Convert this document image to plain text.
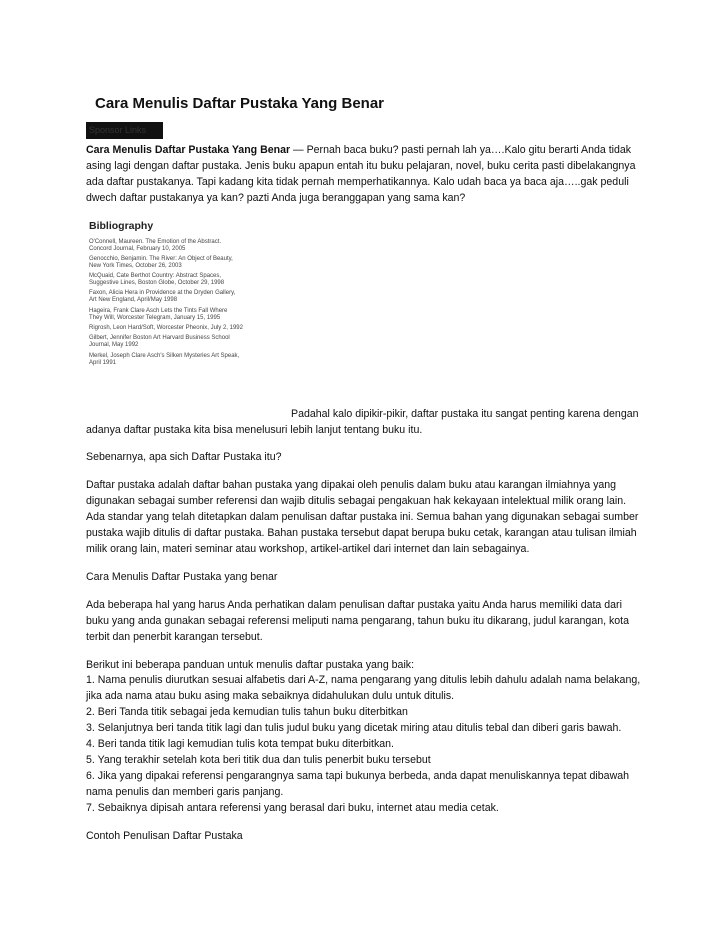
Cara Menulis Daftar Pustaka Yang Benar
Sponsor Links

Cara Menulis Daftar Pustaka Yang Benar — Pernah baca buku? pasti pernah lah ya….Kalo gitu berarti Anda tidak asing lagi dengan daftar pustaka. Jenis buku apapun entah itu buku pelajaran, novel, buku cerita pasti dibelakangnya ada daftar pustakanya. Tapi kadang kita tidak pernah memperhatikannya. Kalo udah baca ya baca aja…..gak peduli dwech daftar pustakanya ya kan? pazti Anda juga beranggapan yang sama kan?

Bibliography
O'Connell, Maureen. The Emotion of the Abstract.
Concord Journal, February 10, 2005
Genocchio, Benjamin. The River: An Object of Beauty,
New York Times, October 26, 2003
McQuaid, Cate Berthot Country: Abstract Spaces,
Suggestive Lines, Boston Globe, October 29, 1998
Faxon, Alicia Hera in Providence at the Dryden Gallery,
Art New England, April/May 1998
Hageira, Frank Clare Asch Lets the Tints Fall Where
They Will, Worcester Telegram, January 15, 1995
Rigrosh, Leon Hard/Soft, Worcester Pheonix, July 2, 1992
Gilbert, Jennifer Boston Art Harvard Business School
Journal, May 1992
Merkel, Joseph Clare Asch's Silken Mysteries Art Speak,
April 1991

Padahal kalo dipikir-pikir, daftar pustaka itu sangat penting karena dengan adanya daftar pustaka kita bisa menelusuri lebih lanjut tentang buku itu.

Sebenarnya, apa sich Daftar Pustaka itu?

Daftar pustaka adalah daftar bahan pustaka yang dipakai oleh penulis dalam buku atau karangan ilmiahnya yang digunakan sebagai sumber referensi dan wajib ditulis sebagai pengakuan hak kekayaan intelektual milik orang lain. Ada standar yang telah ditetapkan dalam penulisan daftar pustaka ini. Semua bahan yang digunakan sebagai sumber pustaka wajib ditulis di daftar pustaka. Bahan pustaka tersebut dapat berupa buku cetak, karangan atau tulisan ilmiah milik orang lain, materi seminar atau workshop, artikel-artikel dari internet dan lain sebagainya.

Cara Menulis Daftar Pustaka yang benar

Ada beberapa hal yang harus Anda perhatikan dalam penulisan daftar pustaka yaitu Anda harus memiliki data dari buku yang anda gunakan sebagai referensi meliputi nama pengarang, tahun buku itu dikarang, judul karangan, kota terbit dan penerbit karangan tersebut.

Berikut ini beberapa panduan untuk menulis daftar pustaka yang baik:
1. Nama penulis diurutkan sesuai alfabetis dari A-Z, nama pengarang yang ditulis lebih dahulu adalah nama belakang, jika ada nama atau buku asing maka sebaiknya didahulukan dulu untuk ditulis.
2. Beri Tanda titik sebagai jeda kemudian tulis tahun buku diterbitkan
3. Selanjutnya beri tanda titik lagi dan tulis judul buku yang dicetak miring atau ditulis tebal dan diberi garis bawah.
4. Beri tanda titik lagi kemudian tulis kota tempat buku diterbitkan.
5. Yang terakhir setelah kota beri titik dua dan tulis penerbit buku tersebut
6. Jika yang dipakai referensi pengarangnya sama tapi bukunya berbeda, anda dapat menuliskannya tepat dibawah nama penulis dan memberi garis panjang.
7. Sebaiknya dipisah antara referensi yang berasal dari buku, internet atau media cetak.

Contoh Penulisan Daftar Pustaka
